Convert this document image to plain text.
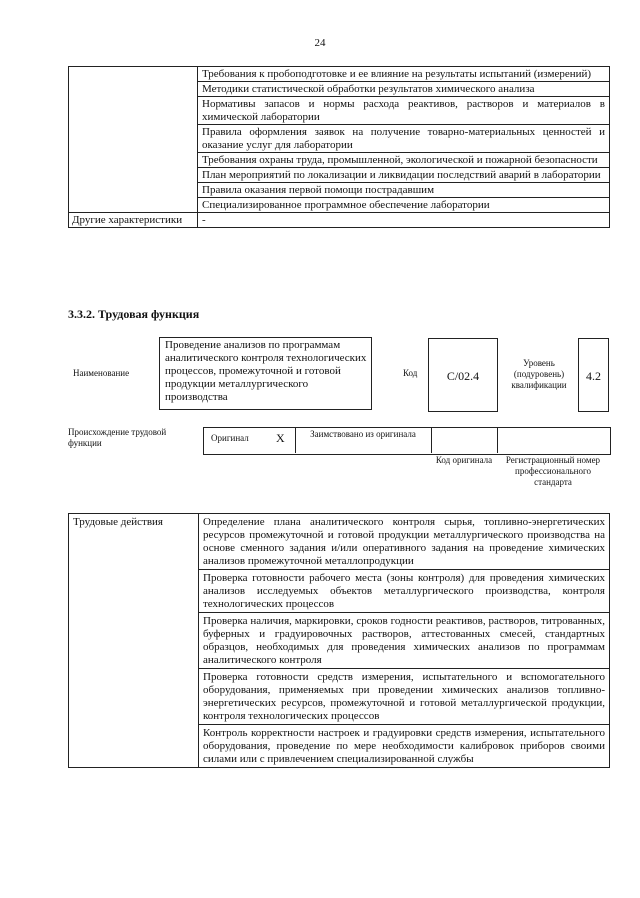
24
	Требования к пробоподготовке и ее влияние на результаты испытаний (измерений)
	Методики статистической обработки результатов химического анализа
	Нормативы запасов и нормы расхода реактивов, растворов и материалов в химической лаборатории
	Правила оформления заявок на получение товарно-материальных ценностей и оказание услуг для лаборатории
	Требования охраны труда, промышленной, экологической и пожарной безопасности
	План мероприятий по локализации и ликвидации последствий аварий в лаборатории
	Правила оказания первой помощи пострадавшим
	Специализированное программное обеспечение лаборатории
Другие характеристики	-
3.3.2. Трудовая функция
Наименование
Проведение анализов по программам аналитического контроля технологических процессов, промежуточной и готовой продукции металлургического производства
Код	С/02.4
Уровень (подуровень) квалификации
4.2
Происхождение трудовой функции	Оригинал X	Заимствовано из оригинала
Код оригинала	Регистрационный номер профессионального стандарта
Трудовые действия	Определение плана аналитического контроля сырья, топливно-энергетических ресурсов промежуточной и готовой продукции металлургического производства на основе сменного задания и/или оперативного задания на проведение химических анализов промежуточной металлопродукции
Проверка готовности рабочего места (зоны контроля) для проведения химических анализов исследуемых объектов металлургического производства, контроля технологических процессов
Проверка наличия, маркировки, сроков годности реактивов, растворов, титрованных, буферных и градуировочных растворов, аттестованных смесей, стандартных образцов, необходимых для проведения химических анализов по программам аналитического контроля
Проверка готовности средств измерения, испытательного и вспомогательного оборудования, применяемых при проведении химических анализов топливно-энергетических ресурсов, промежуточной и готовой металлургической продукции, контроля технологических процессов
Контроль корректности настроек и градуировки средств измерения, испытательного оборудования, проведение по мере необходимости калибровок приборов своими силами или с привлечением специализированной службы
